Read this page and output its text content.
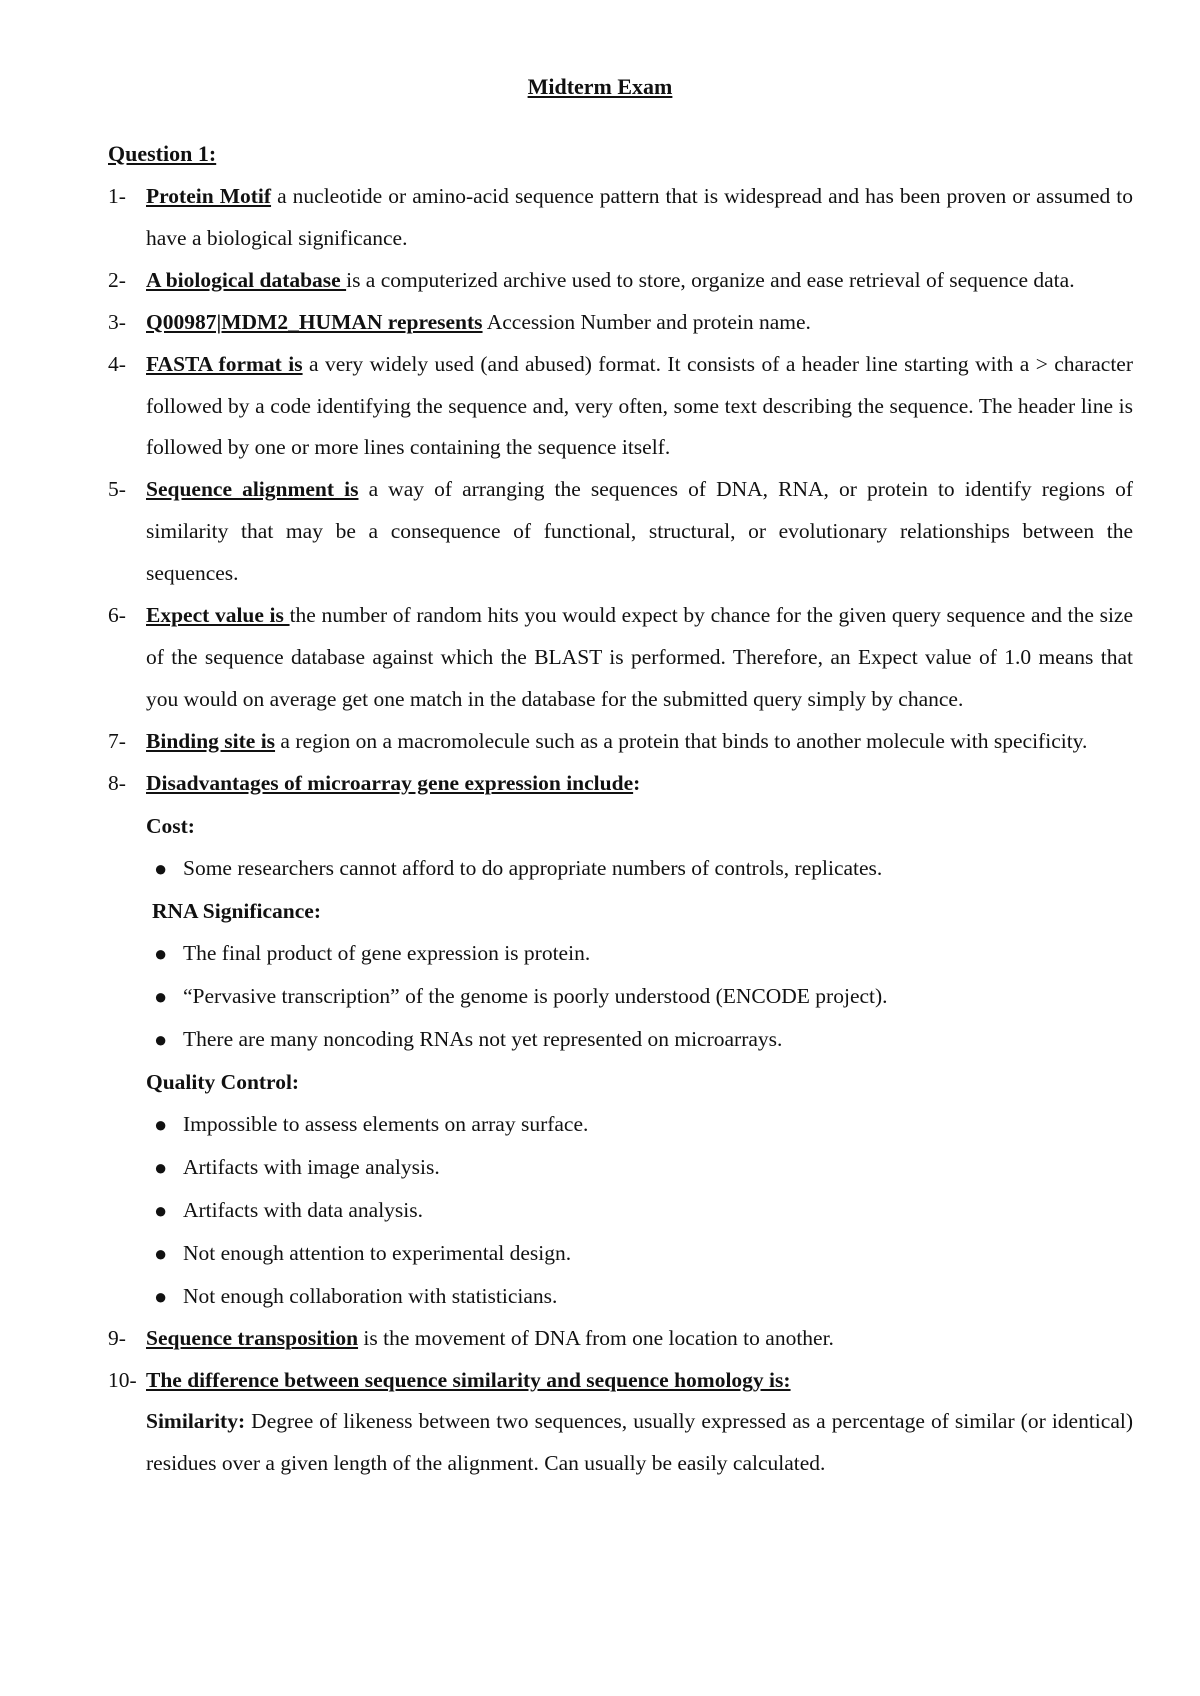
Midterm Exam
Question 1:
1- Protein Motif a nucleotide or amino-acid sequence pattern that is widespread and has been proven or assumed to have a biological significance.
2- A biological database is a computerized archive used to store, organize and ease retrieval of sequence data.
3- Q00987|MDM2_HUMAN represents Accession Number and protein name.
4- FASTA format is a very widely used (and abused) format. It consists of a header line starting with a > character followed by a code identifying the sequence and, very often, some text describing the sequence. The header line is followed by one or more lines containing the sequence itself.
5- Sequence alignment is a way of arranging the sequences of DNA, RNA, or protein to identify regions of similarity that may be a consequence of functional, structural, or evolutionary relationships between the sequences.
6- Expect value is the number of random hits you would expect by chance for the given query sequence and the size of the sequence database against which the BLAST is performed. Therefore, an Expect value of 1.0 means that you would on average get one match in the database for the submitted query simply by chance.
7- Binding site is a region on a macromolecule such as a protein that binds to another molecule with specificity.
8- Disadvantages of microarray gene expression include:
Cost:
● Some researchers cannot afford to do appropriate numbers of controls, replicates.
RNA Significance:
● The final product of gene expression is protein.
● “Pervasive transcription” of the genome is poorly understood (ENCODE project).
● There are many noncoding RNAs not yet represented on microarrays.
Quality Control:
● Impossible to assess elements on array surface.
● Artifacts with image analysis.
● Artifacts with data analysis.
● Not enough attention to experimental design.
● Not enough collaboration with statisticians.
9- Sequence transposition is the movement of DNA from one location to another.
10- The difference between sequence similarity and sequence homology is:
Similarity: Degree of likeness between two sequences, usually expressed as a percentage of similar (or identical) residues over a given length of the alignment. Can usually be easily calculated.
